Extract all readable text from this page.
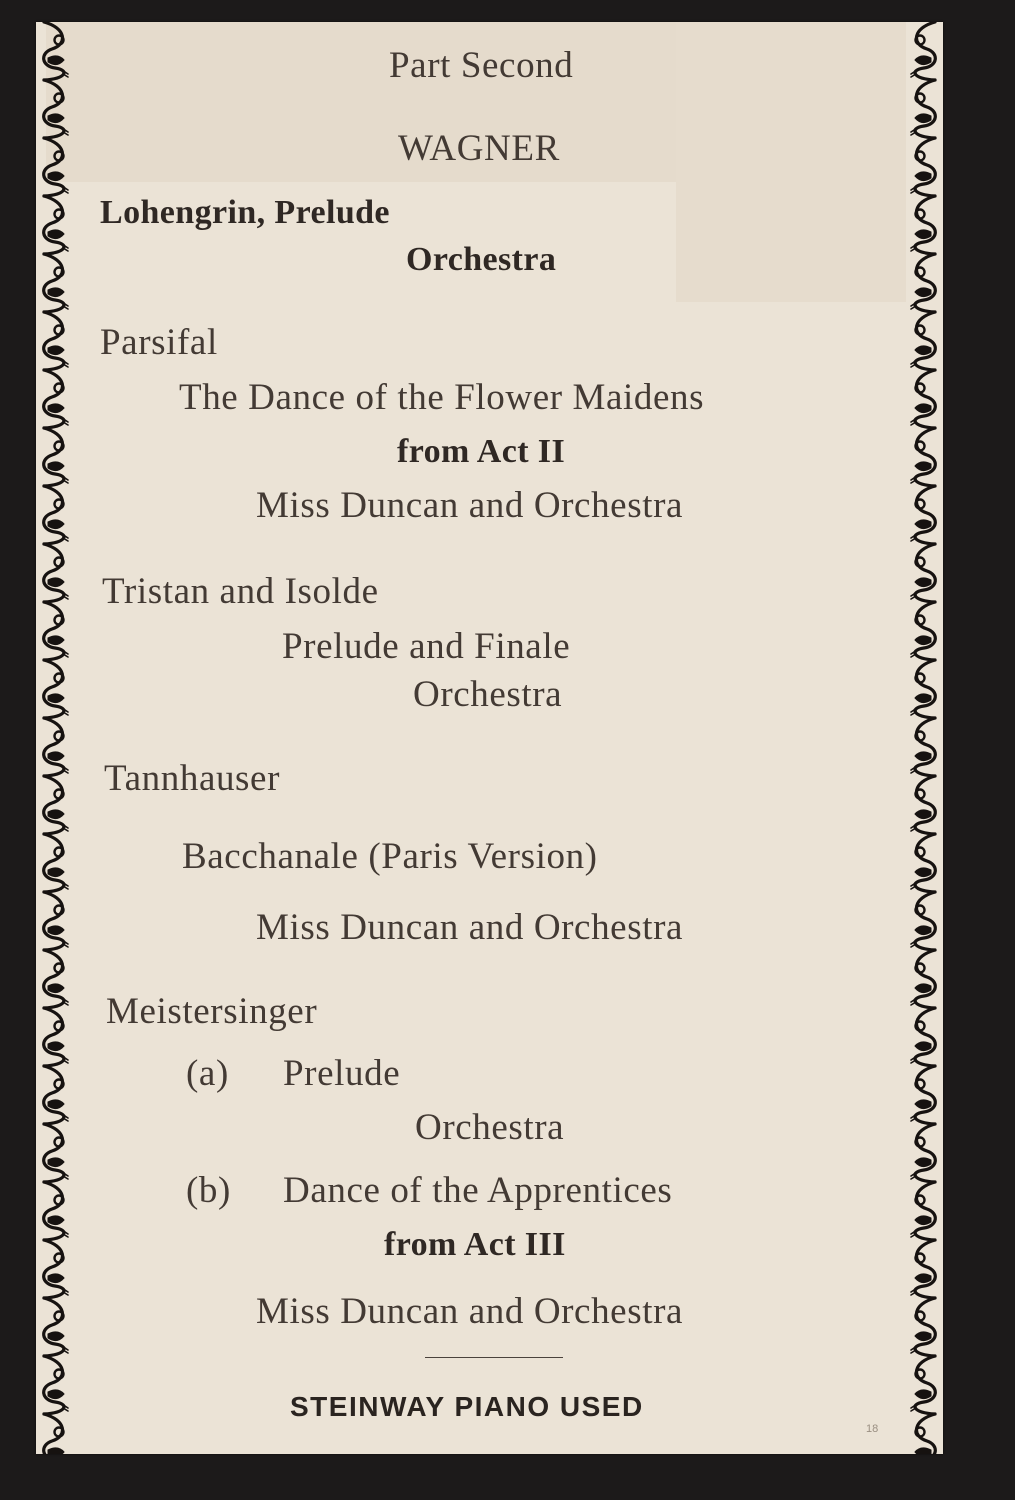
Part Second

WAGNER

Lohengrin, Prelude

Orchestra

Parsifal

The Dance of the Flower Maidens

from Act II

Miss Duncan and Orchestra

Tristan and Isolde

Prelude and Finale

Orchestra

Tannhauser

Bacchanale (Paris Version)

Miss Duncan and Orchestra

Meistersinger

(a) Prelude

Orchestra

(b) Dance of the Apprentices

from Act III

Miss Duncan and Orchestra

STEINWAY PIANO USED

18
